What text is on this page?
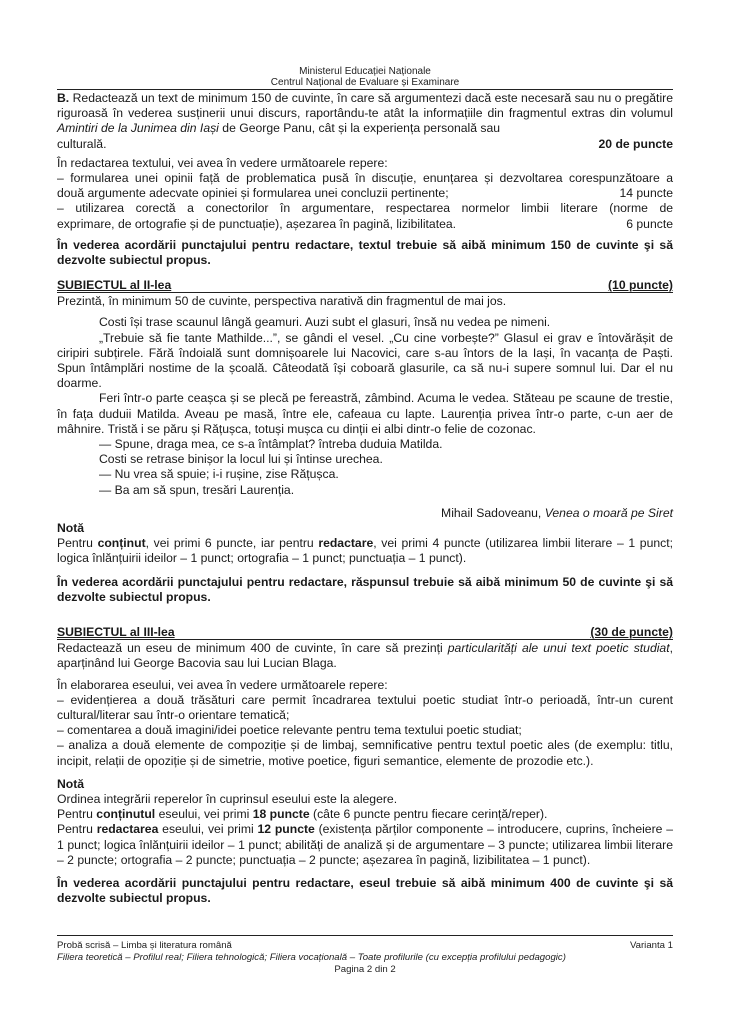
Ministerul Educației Naționale
Centrul Național de Evaluare și Examinare

B. Redactează un text de minimum 150 de cuvinte, în care să argumentezi dacă este necesară sau nu o pregătire riguroasă în vederea susținerii unui discurs, raportându-te atât la informațiile din fragmentul extras din volumul Amintiri de la Junimea din Iași de George Panu, cât și la experiența personală sau

culturală.	20 de puncte

În redactarea textului, vei avea în vedere următoarele repere:

– formularea unei opinii față de problematica pusă în discuție, enunțarea și dezvoltarea corespunzătoare a

două argumente adecvate opiniei și formularea unei concluzii pertinente;	14 puncte

– utilizarea corectă a conectorilor în argumentare, respectarea normelor limbii literare (norme de

exprimare, de ortografie și de punctuație), așezarea în pagină, lizibilitatea.	6 puncte

În vederea acordării punctajului pentru redactare, textul trebuie să aibă minimum 150 de cuvinte şi să dezvolte subiectul propus.

SUBIECTUL al II-lea	(10 puncte)

Prezintă, în minimum 50 de cuvinte, perspectiva narativă din fragmentul de mai jos.

Costi își trase scaunul lângă geamuri. Auzi subt el glasuri, însă nu vedea pe nimeni.

„Trebuie să fie tante Mathilde...”, se gândi el vesel. „Cu cine vorbește?” Glasul ei grav e întovărășit de ciripiri subțirele. Fără îndoială sunt domnișoarele lui Nacovici, care s-au întors de la Iași, în vacanța de Paști. Spun întâmplări nostime de la școală. Câteodată își coboară glasurile, ca să nu-i supere somnul lui. Dar el nu doarme.

Feri într-o parte ceașca și se plecă pe fereastră, zâmbind. Acuma le vedea. Stăteau pe scaune de trestie, în fața duduii Matilda. Aveau pe masă, între ele, cafeaua cu lapte. Laurenția privea într-o parte, c-un aer de mâhnire. Tristă i se păru și Rățușca, totuși mușca cu dinții ei albi dintr-o felie de cozonac.

— Spune, draga mea, ce s-a întâmplat? întreba duduia Matilda.

Costi se retrase binișor la locul lui și întinse urechea.

— Nu vrea să spuie; i-i rușine, zise Rățușca.

— Ba am să spun, tresări Laurenția.

Mihail Sadoveanu, Venea o moară pe Siret

Notă

Pentru conținut, vei primi 6 puncte, iar pentru redactare, vei primi 4 puncte (utilizarea limbii literare – 1 punct; logica înlănțuirii ideilor – 1 punct; ortografia – 1 punct; punctuația – 1 punct).

În vederea acordării punctajului pentru redactare, răspunsul trebuie să aibă minimum 50 de cuvinte şi să dezvolte subiectul propus.

SUBIECTUL al III-lea	(30 de puncte)

Redactează un eseu de minimum 400 de cuvinte, în care să prezinți particularități ale unui text poetic studiat, aparținând lui George Bacovia sau lui Lucian Blaga.

În elaborarea eseului, vei avea în vedere următoarele repere:

– evidențierea a două trăsături care permit încadrarea textului poetic studiat într-o perioadă, într-un curent cultural/literar sau într-o orientare tematică;

– comentarea a două imagini/idei poetice relevante pentru tema textului poetic studiat;

– analiza a două elemente de compoziție și de limbaj, semnificative pentru textul poetic ales (de exemplu: titlu, incipit, relații de opoziție și de simetrie, motive poetice, figuri semantice, elemente de prozodie etc.).

Notă

Ordinea integrării reperelor în cuprinsul eseului este la alegere.

Pentru conținutul eseului, vei primi 18 puncte (câte 6 puncte pentru fiecare cerință/reper).

Pentru redactarea eseului, vei primi 12 puncte (existența părților componente – introducere, cuprins, încheiere – 1 punct; logica înlănțuirii ideilor – 1 punct; abilități de analiză și de argumentare – 3 puncte; utilizarea limbii literare – 2 puncte; ortografia – 2 puncte; punctuația – 2 puncte; așezarea în pagină, lizibilitatea – 1 punct).

În vederea acordării punctajului pentru redactare, eseul trebuie să aibă minimum 400 de cuvinte şi să dezvolte subiectul propus.

Probă scrisă – Limba și literatura română	Varianta 1
Filiera teoretică – Profilul real; Filiera tehnologică; Filiera vocațională – Toate profilurile (cu excepția profilului pedagogic)
Pagina 2 din 2
